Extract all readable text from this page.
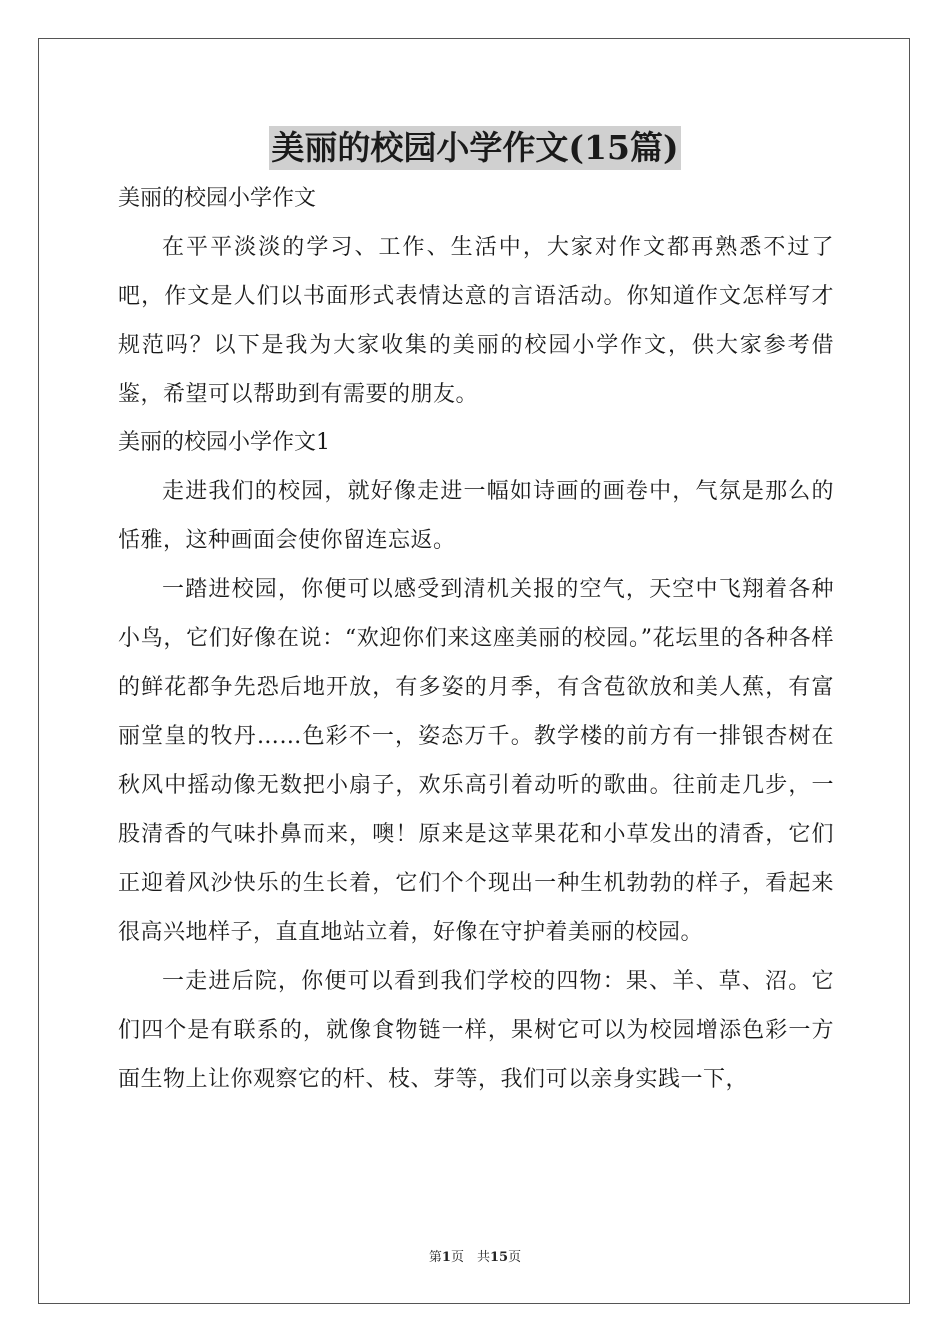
美丽的校园小学作文(15篇)

美丽的校园小学作文

在平平淡淡的学习、工作、生活中，大家对作文都再熟悉不过了吧，作文是人们以书面形式表情达意的言语活动。你知道作文怎样写才规范吗？以下是我为大家收集的美丽的校园小学作文，供大家参考借鉴，希望可以帮助到有需要的朋友。

美丽的校园小学作文1

走进我们的校园，就好像走进一幅如诗画的画卷中，气氛是那么的恬雅，这种画面会使你留连忘返。

一踏进校园，你便可以感受到清机关报的空气，天空中飞翔着各种小鸟，它们好像在说：“欢迎你们来这座美丽的校园。”花坛里的各种各样的鲜花都争先恐后地开放，有多姿的月季，有含苞欲放和美人蕉，有富丽堂皇的牧丹……色彩不一，姿态万千。教学楼的前方有一排银杏树在秋风中摇动像无数把小扇子，欢乐高引着动听的歌曲。往前走几步，一股清香的气味扑鼻而来，噢！原来是这苹果花和小草发出的清香，它们正迎着风沙快乐的生长着，它们个个现出一种生机勃勃的样子，看起来很高兴地样子，直直地站立着，好像在守护着美丽的校园。

一走进后院，你便可以看到我们学校的四物：果、羊、草、沼。它们四个是有联系的，就像食物链一样，果树它可以为校园增添色彩一方面生物上让你观察它的杆、枝、芽等，我们可以亲身实践一下，

第1页　共15页
